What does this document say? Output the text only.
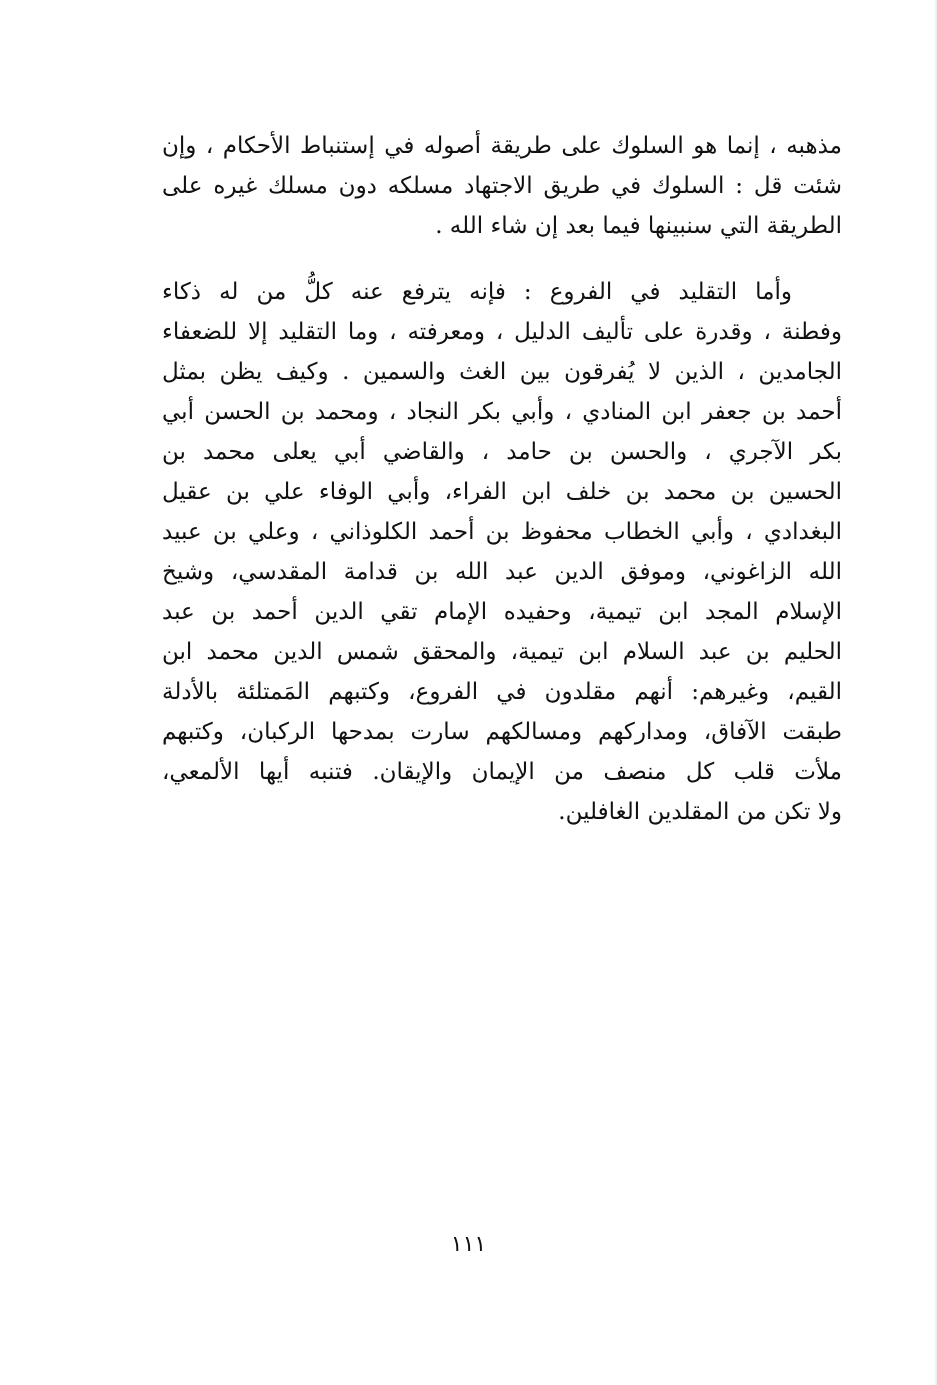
مذهبه ، إنما هو السلوك على طريقة أصوله في إستنباط الأحكام ، وإن
شئت قل : السلوك في طريق الاجتهاد مسلكه دون مسلك غيره على
الطريقة التي سنبينها فيما بعد إن شاء الله .
وأما التقليد في الفروع : فإنه يترفع عنه كلُّ من له ذكاء
وفطنة ، وقدرة على تأليف الدليل ، ومعرفته ، وما التقليد إلا للضعفاء
الجامدين ، الذين لا يُفرقون بين الغث والسمين . وكيف يظن بمثل
أحمد بن جعفر ابن المنادي ، وأبي بكر النجاد ، ومحمد بن الحسن أبي
بكر الآجري ، والحسن بن حامد ، والقاضي أبي يعلى محمد بن
الحسين بن محمد بن خلف ابن الفراء، وأبي الوفاء علي بن عقيل
البغدادي ، وأبي الخطاب محفوظ بن أحمد الكلوذاني ، وعلي بن عبيد
الله الزاغوني، وموفق الدين عبد الله بن قدامة المقدسي، وشيخ
الإسلام المجد ابن تيمية، وحفيده الإمام تقي الدين أحمد بن عبد
الحليم بن عبد السلام ابن تيمية، والمحقق شمس الدين محمد ابن
القيم، وغيرهم: أنهم مقلدون في الفروع، وكتبهم المَمتلئة بالأدلة
طبقت الآفاق، ومداركهم ومسالكهم سارت بمدحها الركبان، وكتبهم
ملأت قلب كل منصف من الإيمان والإيقان. فتنبه أيها الألمعي،
ولا تكن من المقلدين الغافلين.
١١١
